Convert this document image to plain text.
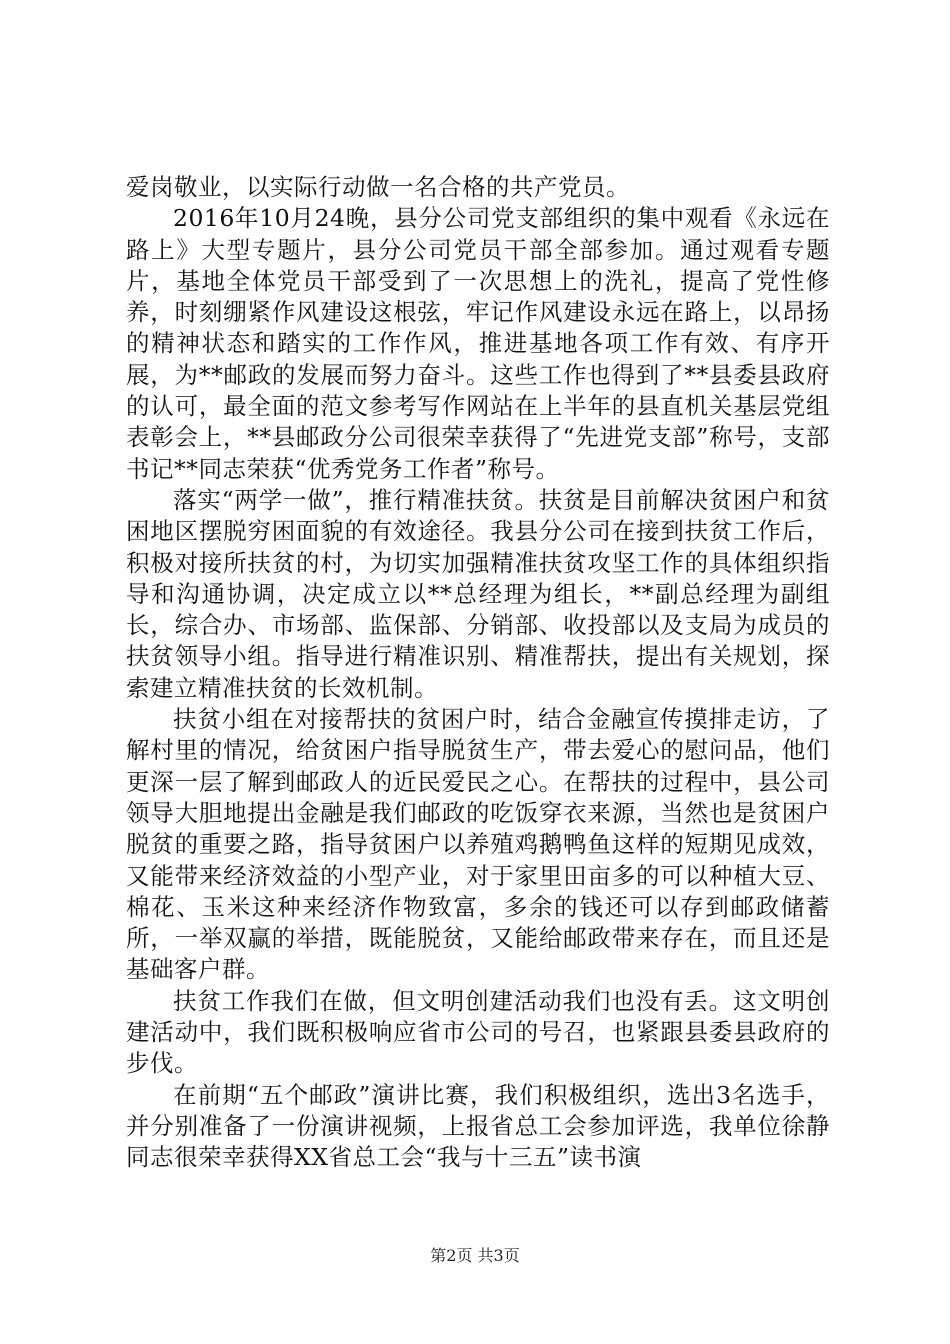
爱岗敬业，以实际行动做一名合格的共产党员。

2016年10月24晚，县分公司党支部组织的集中观看《永远在路上》大型专题片，县分公司党员干部全部参加。通过观看专题片，基地全体党员干部受到了一次思想上的洗礼，提高了党性修养，时刻绷紧作风建设这根弦，牢记作风建设永远在路上，以昂扬的精神状态和踏实的工作作风，推进基地各项工作有效、有序开展，为**邮政的发展而努力奋斗。这些工作也得到了**县委县政府的认可，最全面的范文参考写作网站在上半年的县直机关基层党组表彰会上，**县邮政分公司很荣幸获得了“先进党支部”称号，支部书记**同志荣获“优秀党务工作者”称号。

落实“两学一做”，推行精准扶贫。扶贫是目前解决贫困户和贫困地区摆脱穷困面貌的有效途径。我县分公司在接到扶贫工作后，积极对接所扶贫的村，为切实加强精准扶贫攻坚工作的具体组织指导和沟通协调，决定成立以**总经理为组长，**副总经理为副组长，综合办、市场部、监保部、分销部、收投部以及支局为成员的扶贫领导小组。指导进行精准识别、精准帮扶，提出有关规划，探索建立精准扶贫的长效机制。

扶贫小组在对接帮扶的贫困户时，结合金融宣传摸排走访，了解村里的情况，给贫困户指导脱贫生产，带去爱心的慰问品，他们更深一层了解到邮政人的近民爱民之心。在帮扶的过程中，县公司领导大胆地提出金融是我们邮政的吃饭穿衣来源，当然也是贫困户脱贫的重要之路，指导贫困户以养殖鸡鹅鸭鱼这样的短期见成效，又能带来经济效益的小型产业，对于家里田亩多的可以种植大豆、棉花、玉米这种来经济作物致富，多余的钱还可以存到邮政储蓄所，一举双赢的举措，既能脱贫，又能给邮政带来存在，而且还是基础客户群。

扶贫工作我们在做，但文明创建活动我们也没有丢。这文明创建活动中，我们既积极响应省市公司的号召，也紧跟县委县政府的步伐。

在前期“五个邮政”演讲比赛，我们积极组织，选出3名选手，并分别准备了一份演讲视频，上报省总工会参加评选，我单位徐静同志很荣幸获得XX省总工会“我与十三五”读书演

第2页 共3页
